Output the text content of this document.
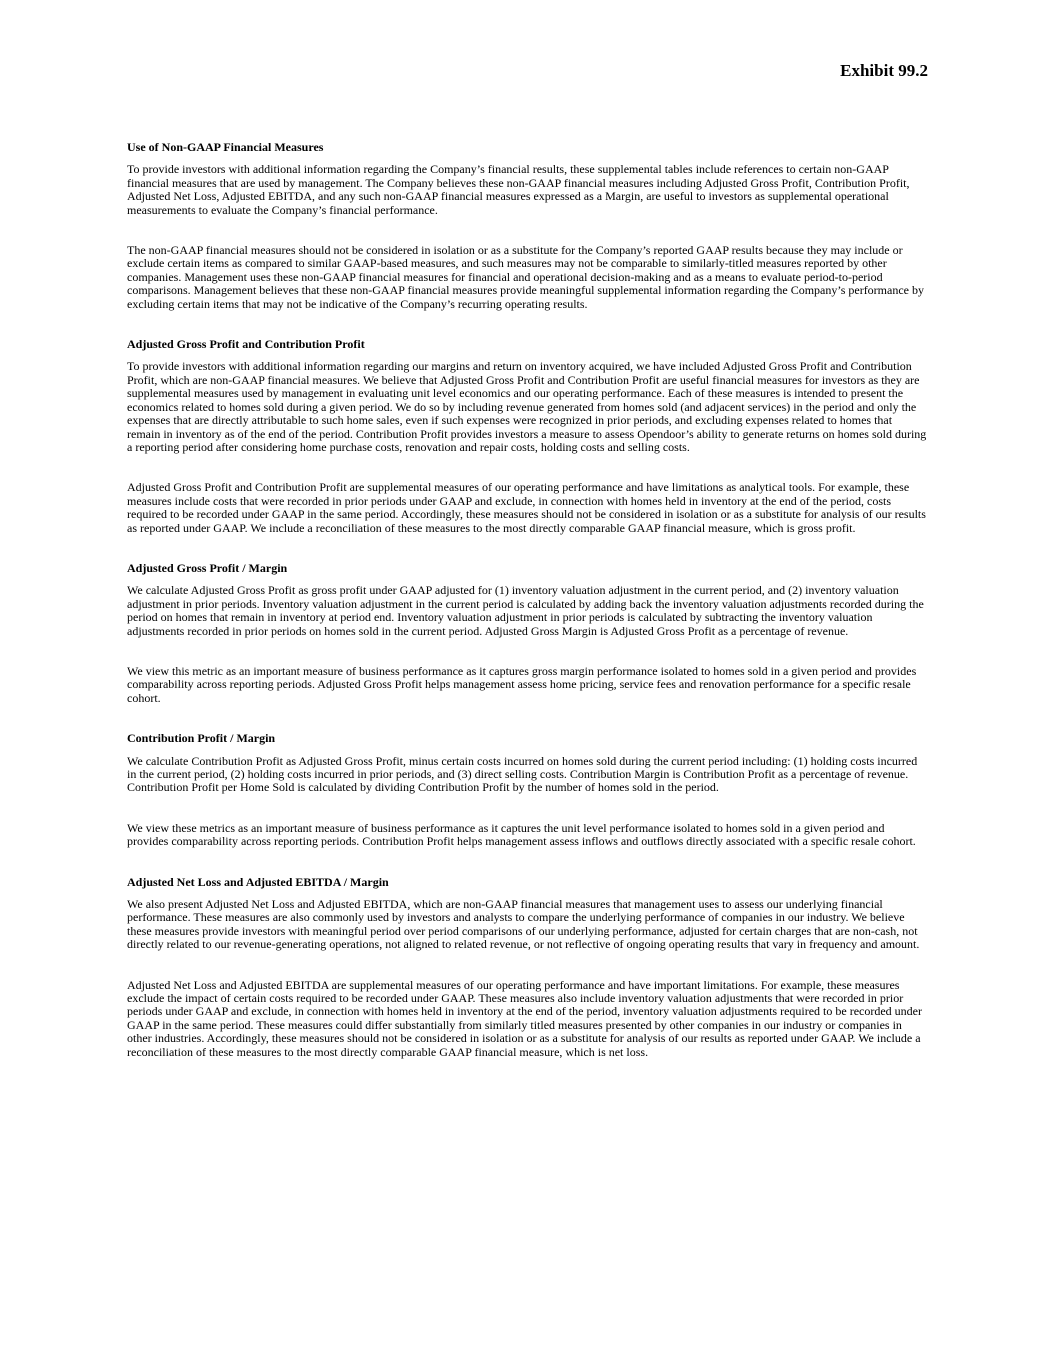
Exhibit 99.2
Use of Non-GAAP Financial Measures

To provide investors with additional information regarding the Company’s financial results, these supplemental tables include references to certain non-GAAP financial measures that are used by management. The Company believes these non-GAAP financial measures including Adjusted Gross Profit, Contribution Profit, Adjusted Net Loss, Adjusted EBITDA, and any such non-GAAP financial measures expressed as a Margin, are useful to investors as supplemental operational measurements to evaluate the Company’s financial performance.

The non-GAAP financial measures should not be considered in isolation or as a substitute for the Company’s reported GAAP results because they may include or exclude certain items as compared to similar GAAP-based measures, and such measures may not be comparable to similarly-titled measures reported by other companies. Management uses these non-GAAP financial measures for financial and operational decision-making and as a means to evaluate period-to-period comparisons. Management believes that these non-GAAP financial measures provide meaningful supplemental information regarding the Company’s performance by excluding certain items that may not be indicative of the Company’s recurring operating results.

Adjusted Gross Profit and Contribution Profit

To provide investors with additional information regarding our margins and return on inventory acquired, we have included Adjusted Gross Profit and Contribution Profit, which are non-GAAP financial measures. We believe that Adjusted Gross Profit and Contribution Profit are useful financial measures for investors as they are supplemental measures used by management in evaluating unit level economics and our operating performance. Each of these measures is intended to present the economics related to homes sold during a given period. We do so by including revenue generated from homes sold (and adjacent services) in the period and only the expenses that are directly attributable to such home sales, even if such expenses were recognized in prior periods, and excluding expenses related to homes that remain in inventory as of the end of the period. Contribution Profit provides investors a measure to assess Opendoor’s ability to generate returns on homes sold during a reporting period after considering home purchase costs, renovation and repair costs, holding costs and selling costs.

Adjusted Gross Profit and Contribution Profit are supplemental measures of our operating performance and have limitations as analytical tools. For example, these measures include costs that were recorded in prior periods under GAAP and exclude, in connection with homes held in inventory at the end of the period, costs required to be recorded under GAAP in the same period. Accordingly, these measures should not be considered in isolation or as a substitute for analysis of our results as reported under GAAP. We include a reconciliation of these measures to the most directly comparable GAAP financial measure, which is gross profit.

Adjusted Gross Profit / Margin

We calculate Adjusted Gross Profit as gross profit under GAAP adjusted for (1) inventory valuation adjustment in the current period, and (2) inventory valuation adjustment in prior periods. Inventory valuation adjustment in the current period is calculated by adding back the inventory valuation adjustments recorded during the period on homes that remain in inventory at period end. Inventory valuation adjustment in prior periods is calculated by subtracting the inventory valuation adjustments recorded in prior periods on homes sold in the current period. Adjusted Gross Margin is Adjusted Gross Profit as a percentage of revenue.

We view this metric as an important measure of business performance as it captures gross margin performance isolated to homes sold in a given period and provides comparability across reporting periods. Adjusted Gross Profit helps management assess home pricing, service fees and renovation performance for a specific resale cohort.

Contribution Profit / Margin

We calculate Contribution Profit as Adjusted Gross Profit, minus certain costs incurred on homes sold during the current period including: (1) holding costs incurred in the current period, (2) holding costs incurred in prior periods, and (3) direct selling costs. Contribution Margin is Contribution Profit as a percentage of revenue. Contribution Profit per Home Sold is calculated by dividing Contribution Profit by the number of homes sold in the period.

We view these metrics as an important measure of business performance as it captures the unit level performance isolated to homes sold in a given period and provides comparability across reporting periods. Contribution Profit helps management assess inflows and outflows directly associated with a specific resale cohort.

Adjusted Net Loss and Adjusted EBITDA / Margin

We also present Adjusted Net Loss and Adjusted EBITDA, which are non-GAAP financial measures that management uses to assess our underlying financial performance. These measures are also commonly used by investors and analysts to compare the underlying performance of companies in our industry. We believe these measures provide investors with meaningful period over period comparisons of our underlying performance, adjusted for certain charges that are non-cash, not directly related to our revenue-generating operations, not aligned to related revenue, or not reflective of ongoing operating results that vary in frequency and amount.

Adjusted Net Loss and Adjusted EBITDA are supplemental measures of our operating performance and have important limitations. For example, these measures exclude the impact of certain costs required to be recorded under GAAP. These measures also include inventory valuation adjustments that were recorded in prior periods under GAAP and exclude, in connection with homes held in inventory at the end of the period, inventory valuation adjustments required to be recorded under GAAP in the same period. These measures could differ substantially from similarly titled measures presented by other companies in our industry or companies in other industries. Accordingly, these measures should not be considered in isolation or as a substitute for analysis of our results as reported under GAAP. We include a reconciliation of these measures to the most directly comparable GAAP financial measure, which is net loss.
